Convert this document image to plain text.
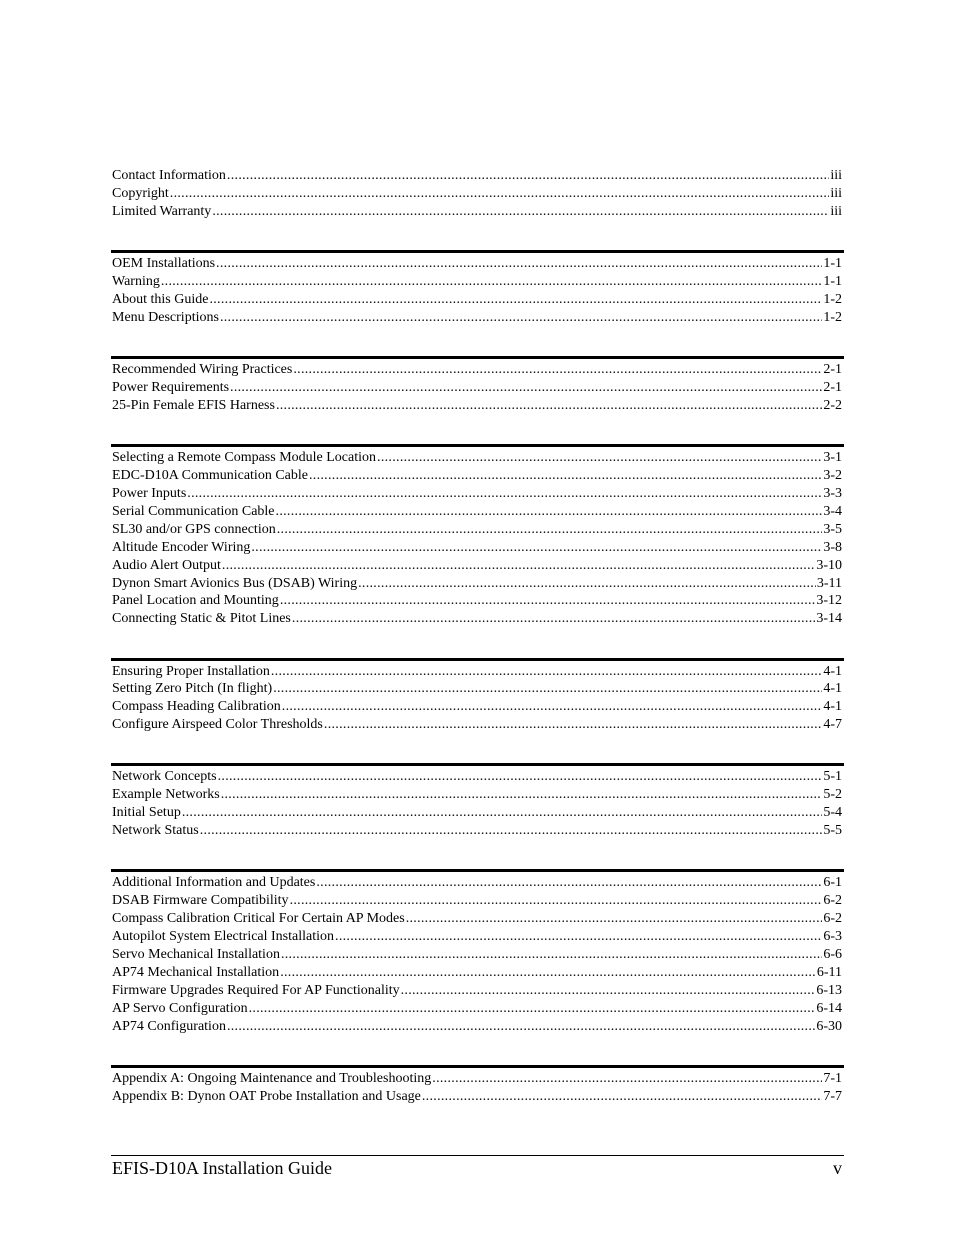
Contact Information .....	iii
Copyright .....	iii
Limited Warranty .....	iii
OEM Installations .....	1-1
Warning .....	1-1
About this Guide .....	1-2
Menu Descriptions .....	1-2
Recommended Wiring Practices .....	2-1
Power Requirements .....	2-1
25-Pin Female EFIS Harness .....	2-2
Selecting a Remote Compass Module Location .....	3-1
EDC-D10A Communication Cable .....	3-2
Power Inputs .....	3-3
Serial Communication Cable .....	3-4
SL30 and/or GPS connection .....	3-5
Altitude Encoder Wiring .....	3-8
Audio Alert Output .....	3-10
Dynon Smart Avionics Bus (DSAB) Wiring .....	3-11
Panel Location and Mounting .....	3-12
Connecting Static & Pitot Lines .....	3-14
Ensuring Proper Installation .....	4-1
Setting Zero Pitch (In flight) .....	4-1
Compass Heading Calibration .....	4-1
Configure Airspeed Color Thresholds .....	4-7
Network Concepts .....	5-1
Example Networks .....	5-2
Initial Setup .....	5-4
Network Status .....	5-5
Additional Information and Updates .....	6-1
DSAB Firmware Compatibility .....	6-2
Compass Calibration Critical For Certain AP Modes .....	6-2
Autopilot System Electrical Installation .....	6-3
Servo Mechanical Installation .....	6-6
AP74 Mechanical Installation .....	6-11
Firmware Upgrades Required For AP Functionality .....	6-13
AP Servo Configuration .....	6-14
AP74 Configuration .....	6-30
Appendix A: Ongoing Maintenance and Troubleshooting .....	7-1
Appendix B: Dynon OAT Probe Installation and Usage .....	7-7
EFIS-D10A Installation Guide	v
